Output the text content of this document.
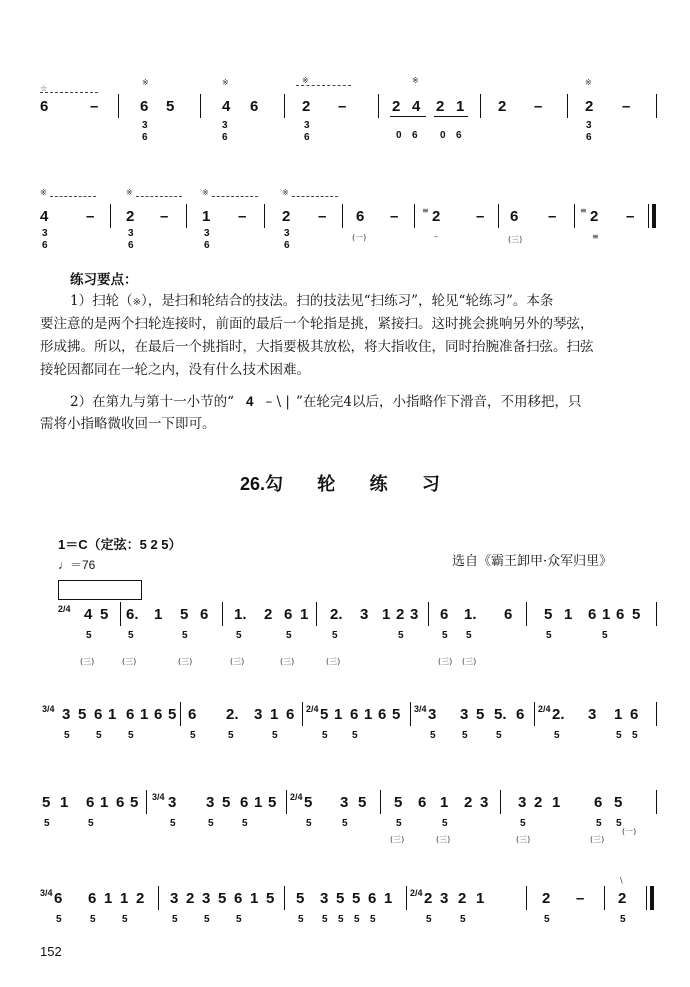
☆
※	※	※	※	※
6	–	6 5	4 6	2 –	2 4 2 1 2 –	2 –
3
6
3
6
3
6	0 6 0 6
3
6
※	※	※	※
4	– 2 – 1 – 2 – 6 –	≡ 2 – 6 –	≡ 2 –
3
6
3
6
3
6
3
6
(一)	–	(三)	≡
练习要点：
1）扫轮（※），是扫和轮结合的技法。扫的技法见“扫练习”，轮见“轮练习”。本条
要注意的是两个扫轮连接时，前面的最后一个轮指是挑，紧接扫。这时挑会挑响另外的琴弦，
形成拂。所以，在最后一个挑指时，大指要极其放松，将大指收住，同时抬腕准备扫弦。扫弦
接轮因都同在一轮之内，没有什么技术困难。
2）在第九与第十一小节的“ 4 – \ | ”在轮完4以后，小指略作下滑音，不用移把，只
需将小指略微收回一下即可。
26.勾 轮 练 习
1＝C（定弦：5 2 5）
♩＝76	选自《霸王卸甲·众军归里》
2/4 4 5 6. 1 5 6 1. 2 6 1 2. 3 1 2 3 6 1. 6 5 1 6 1 6 5
5	5	5	5	5	5	5	5 5	5	5
(三)	(三)	(三)	(三)	(三)	(三)	(三) (三)
3/4 3 5 6 1 6 1 6 5 6 2. 3 1 6 2/4 5 1 6 1 6 5 3/4 3 3 5 5. 6 2/4 2. 3 1 6
5	5	5	5	5	5	5 5	5	5	5	5	5 5
5 1 6 1 6 5 3/4 3 3 5 6 1 5 2/4 5 3 5 5 6 1 2 3 3 2 1 6 5
5	5	5	5	5	5	5	5	5	5	5 5
(三)	(三)	(三)	(三)
(一)
3/4 6 6 1 1 2 3 2 3 5 6 1 5 5 3 5 5 6 1 2/4 2 3 2 1	2 –
\
2
5	5	5	5	5	5	5 5 5 5 5	5	5	5	5
152
